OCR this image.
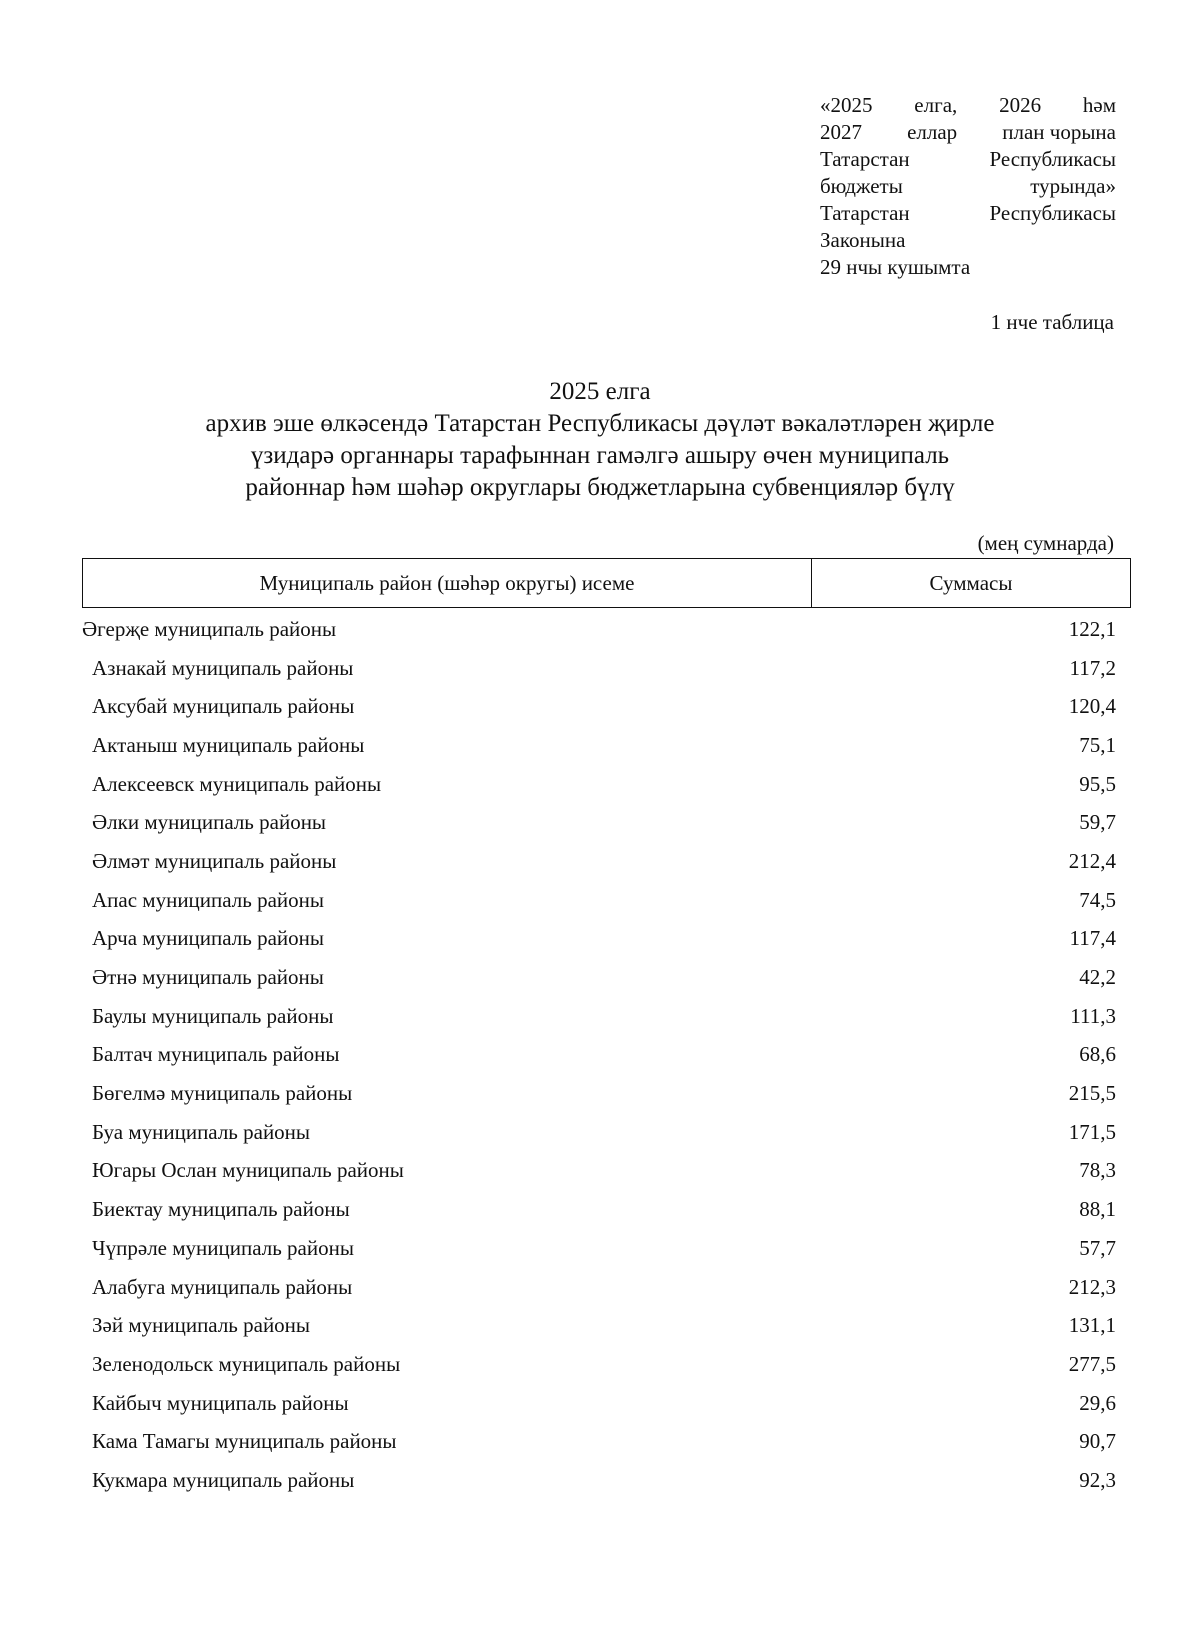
«2025 елга, 2026 һәм
2027 еллар план чорына
Татарстан	Республикасы
бюджеты	турында»
Татарстан	Республикасы
Законына
29 нчы кушымта
1 нче таблица
2025 елга
архив эше өлкәсендә Татарстан Республикасы дәүләт вәкаләтләрен җирле
үзидарә органнары тарафыннан гамәлгә ашыру өчен муниципаль
районнар һәм шәһәр округлары бюджетларына субвенцияләр бүлү
(мең сумнарда)
Муниципаль район (шәһәр округы) исеме	Суммасы
Әгерҗе муниципаль районы	122,1
Азнакай муниципаль районы	117,2
Аксубай муниципаль районы	120,4
Актаныш муниципаль районы	75,1
Алексеевск муниципаль районы	95,5
Әлки муниципаль районы	59,7
Әлмәт муниципаль районы	212,4
Апас муниципаль районы	74,5
Арча муниципаль районы	117,4
Әтнә муниципаль районы	42,2
Баулы муниципаль районы	111,3
Балтач муниципаль районы	68,6
Бөгелмә муниципаль районы	215,5
Буа муниципаль районы	171,5
Югары Ослан муниципаль районы	78,3
Биектау муниципаль районы	88,1
Чүпрәле муниципаль районы	57,7
Алабуга муниципаль районы	212,3
Зәй муниципаль районы	131,1
Зеленодольск муниципаль районы	277,5
Кайбыч муниципаль районы	29,6
Кама Тамагы муниципаль районы	90,7
Кукмара муниципаль районы	92,3
